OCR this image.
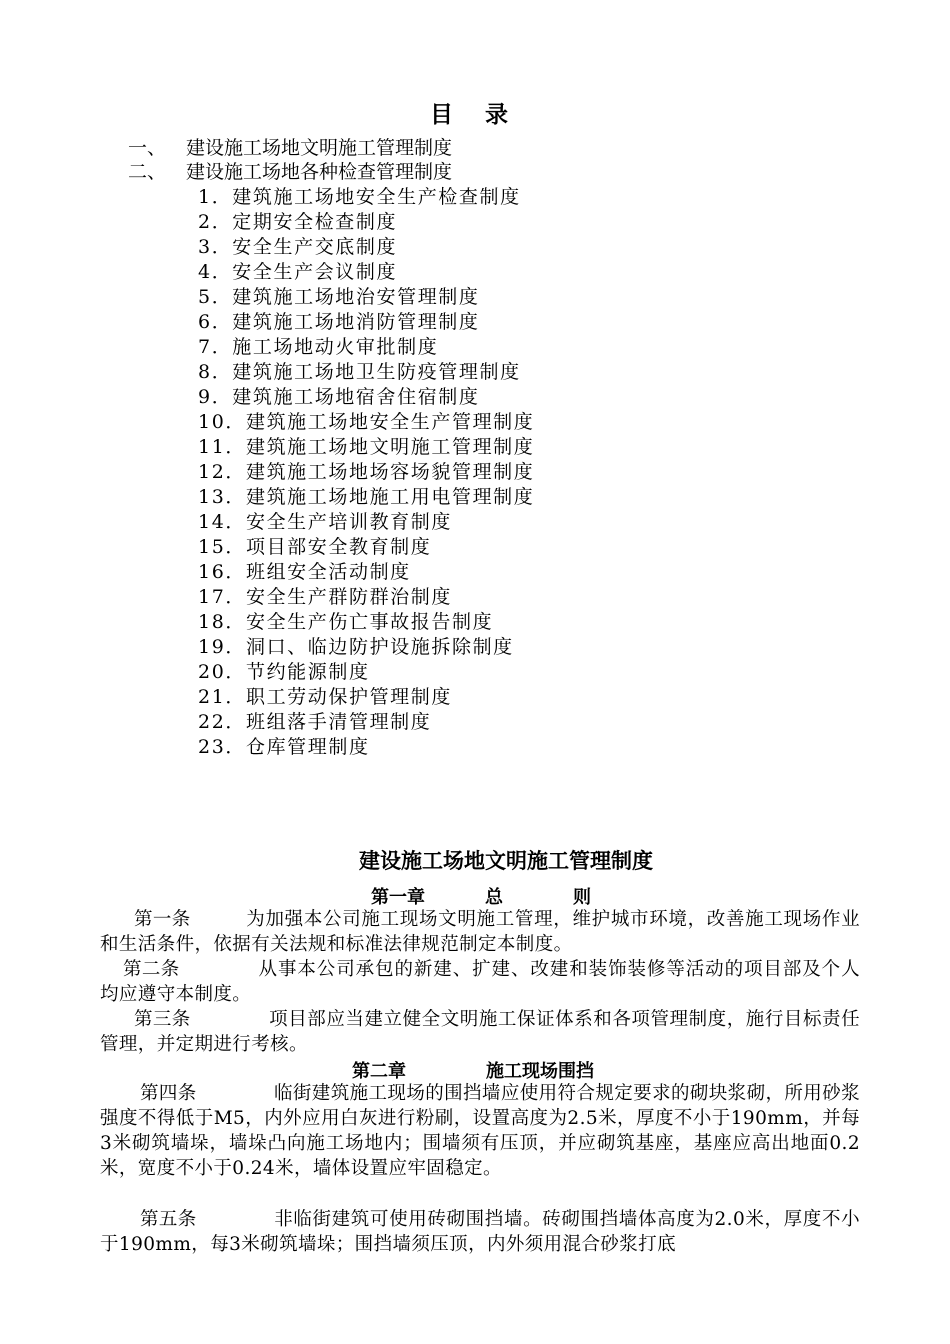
目 录
一、 建设施工场地文明施工管理制度
二、 建设施工场地各种检查管理制度
1．建筑施工场地安全生产检查制度
2．定期安全检查制度
3．安全生产交底制度
4．安全生产会议制度
5．建筑施工场地治安管理制度
6．建筑施工场地消防管理制度
7．施工场地动火审批制度
8．建筑施工场地卫生防疫管理制度
9．建筑施工场地宿舍住宿制度
10．建筑施工场地安全生产管理制度
11．建筑施工场地文明施工管理制度
12．建筑施工场地场容场貌管理制度
13．建筑施工场地施工用电管理制度
14．安全生产培训教育制度
15．项目部安全教育制度
16．班组安全活动制度
17．安全生产群防群治制度
18．安全生产伤亡事故报告制度
19．洞口、临边防护设施拆除制度
20．节约能源制度
21．职工劳动保护管理制度
22．班组落手清管理制度
23．仓库管理制度
建设施工场地文明施工管理制度
第一章	总	则
第一条	为加强本公司施工现场文明施工管理，维护城市环境，改善施工现场作业和生活条件，依据有关法规和标准法律规范制定本制度。
第二条	从事本公司承包的新建、扩建、改建和装饰装修等活动的项目部及个人均应遵守本制度。
第三条	项目部应当建立健全文明施工保证体系和各项管理制度，施行目标责任管理，并定期进行考核。
第二章	施工现场围挡
第四条	临街建筑施工现场的围挡墙应使用符合规定要求的砌块浆砌，所用砂浆强度不得低于M5，内外应用白灰进行粉刷，设置高度为2.5米，厚度不小于190mm，并每3米砌筑墙垛，墙垛凸向施工场地内；围墙须有压顶，并应砌筑基座，基座应高出地面0.2米，宽度不小于0.24米，墙体设置应牢固稳定。
第五条	非临街建筑可使用砖砌围挡墙。砖砌围挡墙体高度为2.0米，厚度不小于190mm，每3米砌筑墙垛；围挡墙须压顶，内外须用混合砂浆打底
